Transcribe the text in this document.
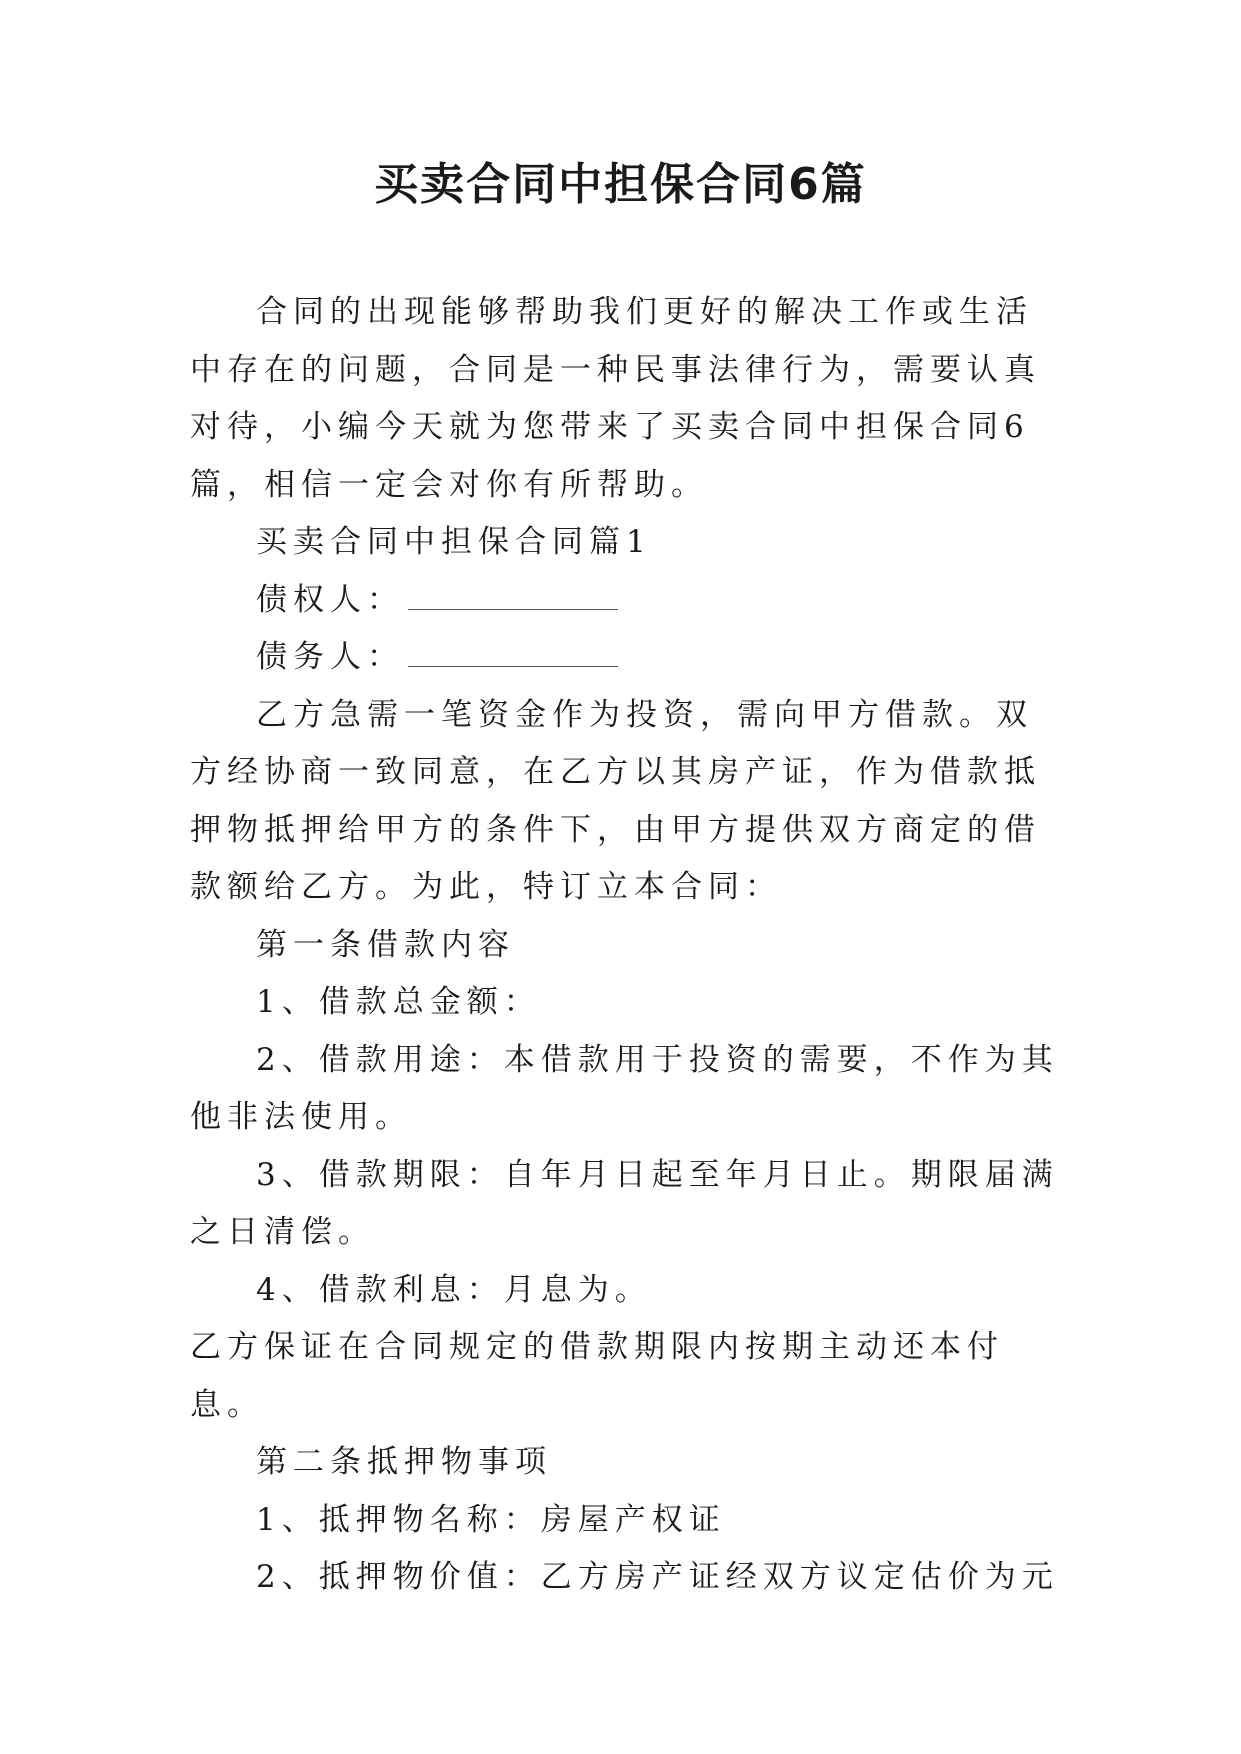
买卖合同中担保合同6篇

合同的出现能够帮助我们更好的解决工作或生活中存在的问题，合同是一种民事法律行为，需要认真对待，小编今天就为您带来了买卖合同中担保合同6篇，相信一定会对你有所帮助。

买卖合同中担保合同篇1

债权人：

债务人：

乙方急需一笔资金作为投资，需向甲方借款。双方经协商一致同意，在乙方以其房产证，作为借款抵押物抵押给甲方的条件下，由甲方提供双方商定的借款额给乙方。为此，特订立本合同：

第一条借款内容

1、借款总金额：

2、借款用途：本借款用于投资的需要，不作为其他非法使用。

3、借款期限：自年月日起至年月日止。期限届满之日清偿。

4、借款利息：月息为。

乙方保证在合同规定的借款期限内按期主动还本付息。

第二条抵押物事项

1、抵押物名称：房屋产权证

2、抵押物价值：乙方房产证经双方议定估价为元
